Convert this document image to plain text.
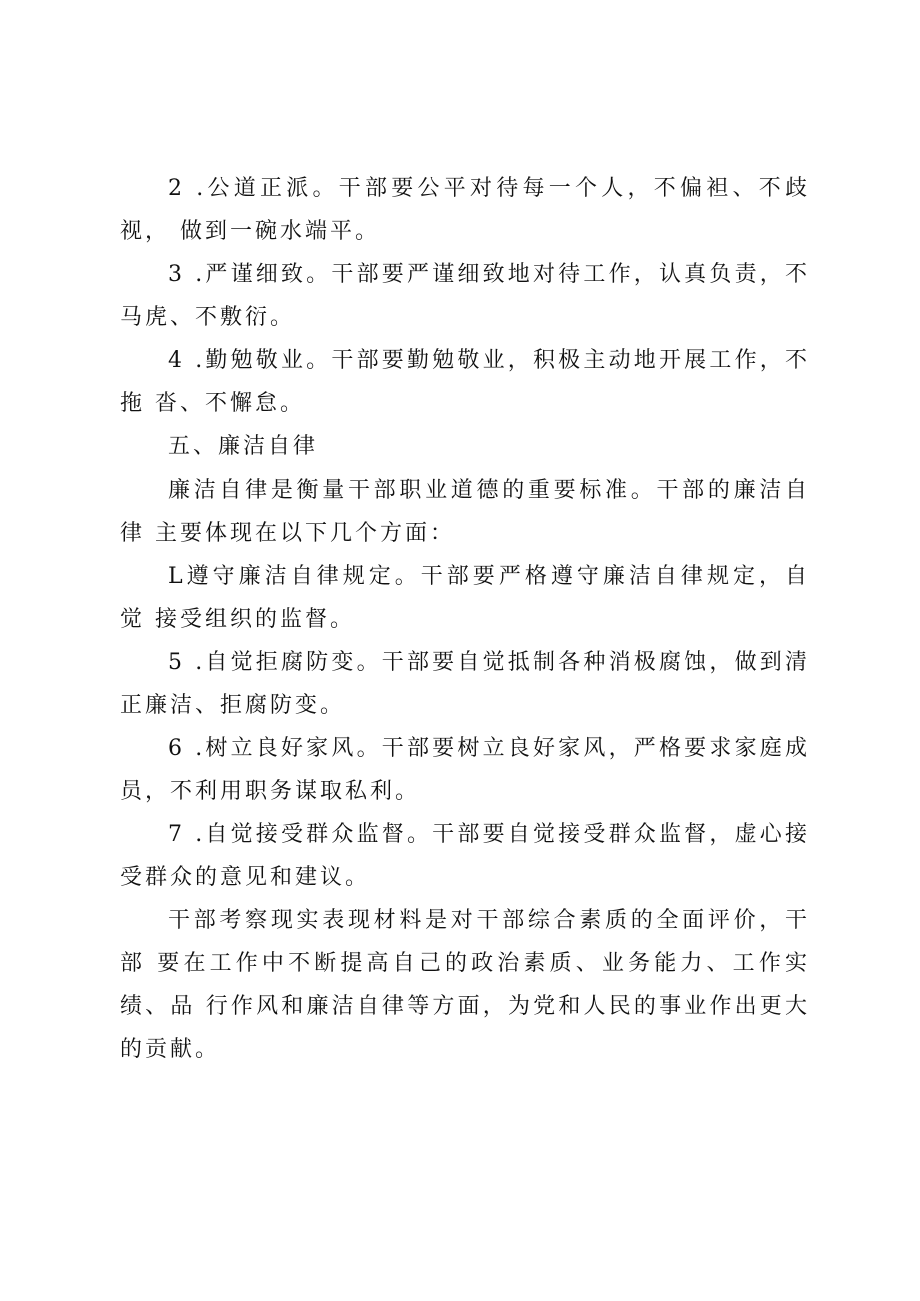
2 .公道正派。干部要公平对待每一个人，不偏袒、不歧视， 做到一碗水端平。

3 .严谨细致。干部要严谨细致地对待工作，认真负责，不马虎、不敷衍。

4 .勤勉敬业。干部要勤勉敬业，积极主动地开展工作，不拖 沓、不懈怠。

五、廉洁自律

廉洁自律是衡量干部职业道德的重要标准。干部的廉洁自律 主要体现在以下几个方面：

L遵守廉洁自律规定。干部要严格遵守廉洁自律规定，自觉 接受组织的监督。

5 .自觉拒腐防变。干部要自觉抵制各种消极腐蚀，做到清正廉洁、拒腐防变。

6 .树立良好家风。干部要树立良好家风，严格要求家庭成员，不利用职务谋取私利。

7 .自觉接受群众监督。干部要自觉接受群众监督，虚心接受群众的意见和建议。

干部考察现实表现材料是对干部综合素质的全面评价，干部 要在工作中不断提高自己的政治素质、业务能力、工作实绩、品 行作风和廉洁自律等方面，为党和人民的事业作出更大的贡献。
